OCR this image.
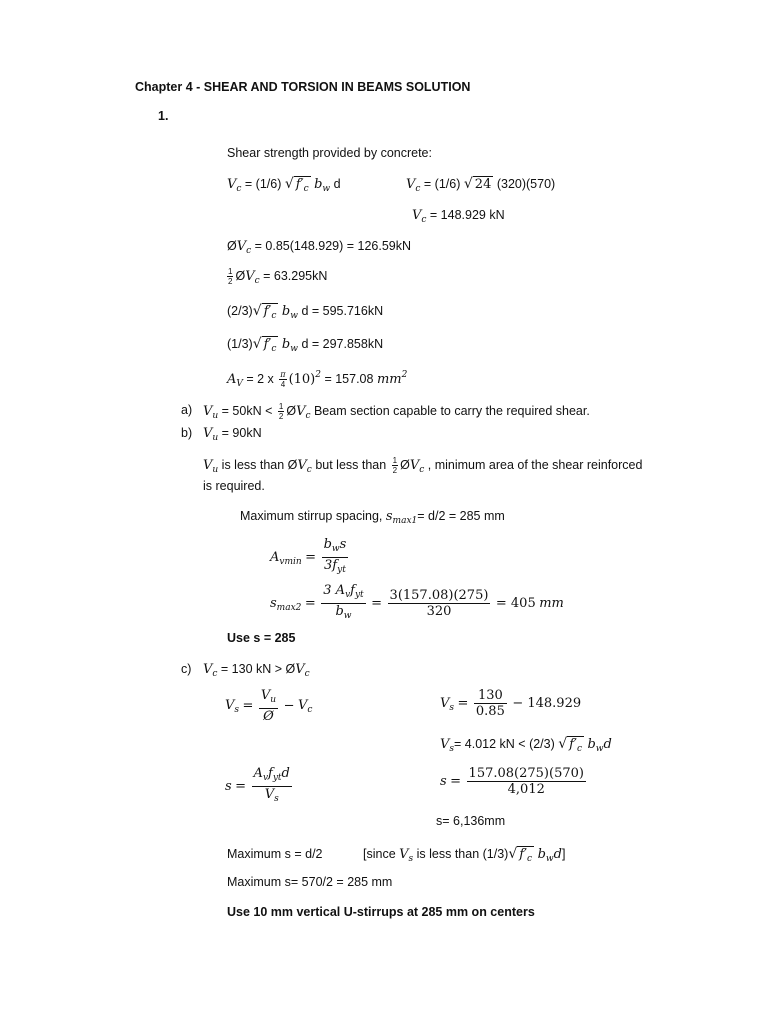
Chapter 4 - SHEAR AND TORSION IN BEAMS SOLUTION
1.
Shear strength provided by concrete:
$V_c = (1/6)$ √ $f'_c$ $b_w$ d	$V_c = (1/6)$ √ 24 (320)(570)
$V_c = 148.929$ kN
$ØV_c = 0.85(148.929) = 126.59kN$
$\frac{1}{2}$ $ØV_c = 63.295kN$
(2/3)√ $f'_c$ $b_w$ d = 595.716kN
(1/3)√ $f'_c$ $b_w$ d = 297.858kN
$A_V = 2$ x $\frac{\pi}{4} (10)^2 = 157.08$ $mm^2$
a) $V_u = 50kN < \frac{1}{2}$ $ØV_c$ Beam section capable to carry the required shear.
b) $V_u = 90kN$
$V_u$ is less than $ØV_c$ but less than $\frac{1}{2}$ $ØV_c$ , minimum area of the shear reinforced
is required.
Maximum stirrup spacing, $s_{max1}= d/2 = 285$ mm
$A_{vmin} = \frac{b_ws}{3f_{yt}}$
$s_{max2} = \frac{3 A_vf_{yt}}{b_w} = \frac{3(157.08)(275)}{320} = 405$ mm
Use s = 285
c) $V_c = 130$ kN > $ØV_c$
$V_s = \frac{V_u}{Ø} - V_c$	$V_s = \frac{130}{0.85} - 148.929$
$V_s= 4.012$ kN < (2/3) √ $f'_c$ $b_wd$
$s = \frac{A_vf_{yt}d}{V_s}$	$s = \frac{157.08(275)(570)}{4,012}$
s= 6,136mm
Maximum s = d/2	[since $V_s$ is less than (1/3)√ $f'_c$ $b_wd$]
Maximum s= 570/2 = 285 mm
Use 10 mm vertical U-stirrups at 285 mm on centers
